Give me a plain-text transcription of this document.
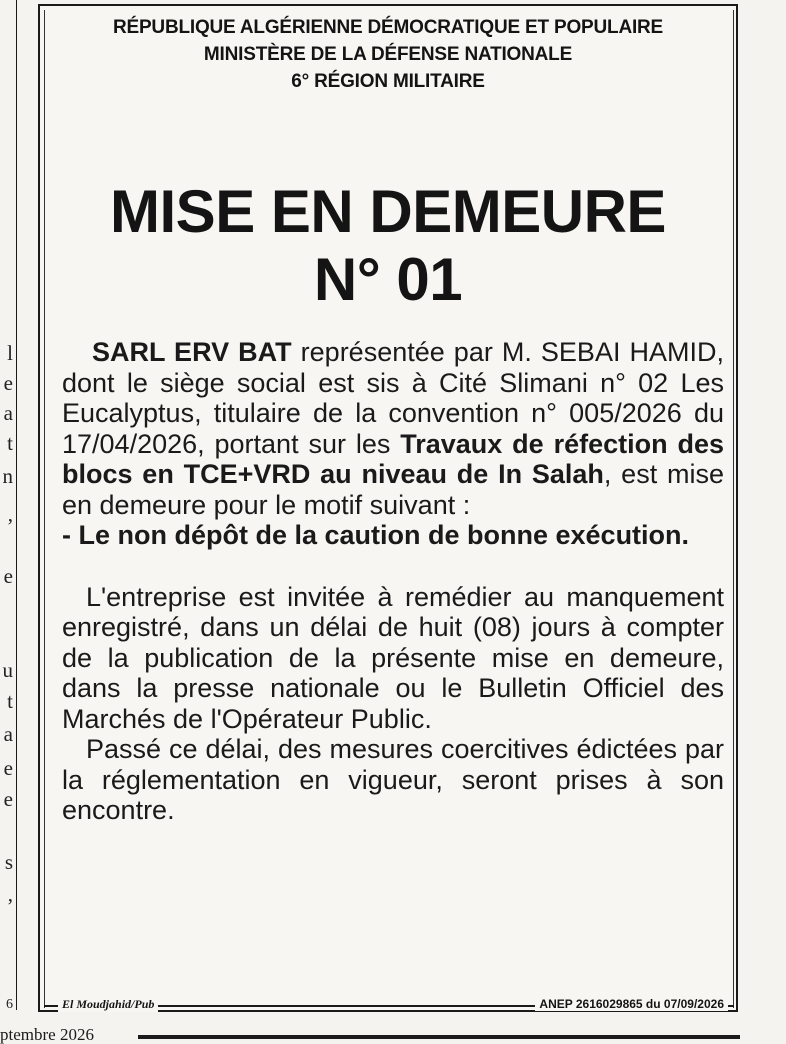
l
e
a
t
n
,
e
u
t
a
e
e
s
,
6
RÉPUBLIQUE ALGÉRIENNE DÉMOCRATIQUE ET POPULAIRE
MINISTÈRE DE LA DÉFENSE NATIONALE
6° RÉGION MILITAIRE
MISE EN DEMEURE
N° 01

SARL ERV BAT représentée par M. SEBAI HAMID, dont le siège social est sis à Cité Slimani n° 02 Les Eucalyptus, titulaire de la convention n° 005/2026 du 17/04/2026, portant sur les Travaux de réfection des blocs en TCE+VRD au niveau de In Salah, est mise en demeure pour le motif suivant :

- Le non dépôt de la caution de bonne exécution.

L'entreprise est invitée à remédier au manquement enregistré, dans un délai de huit (08) jours à compter de la publication de la présente mise en demeure, dans la presse nationale ou le Bulletin Officiel des Marchés de l'Opérateur Public.

Passé ce délai, des mesures coercitives édictées par la réglementation en vigueur, seront prises à son encontre.

El Moudjahid/Pub	ANEP 2616029865 du 07/09/2026
ptembre 2026
